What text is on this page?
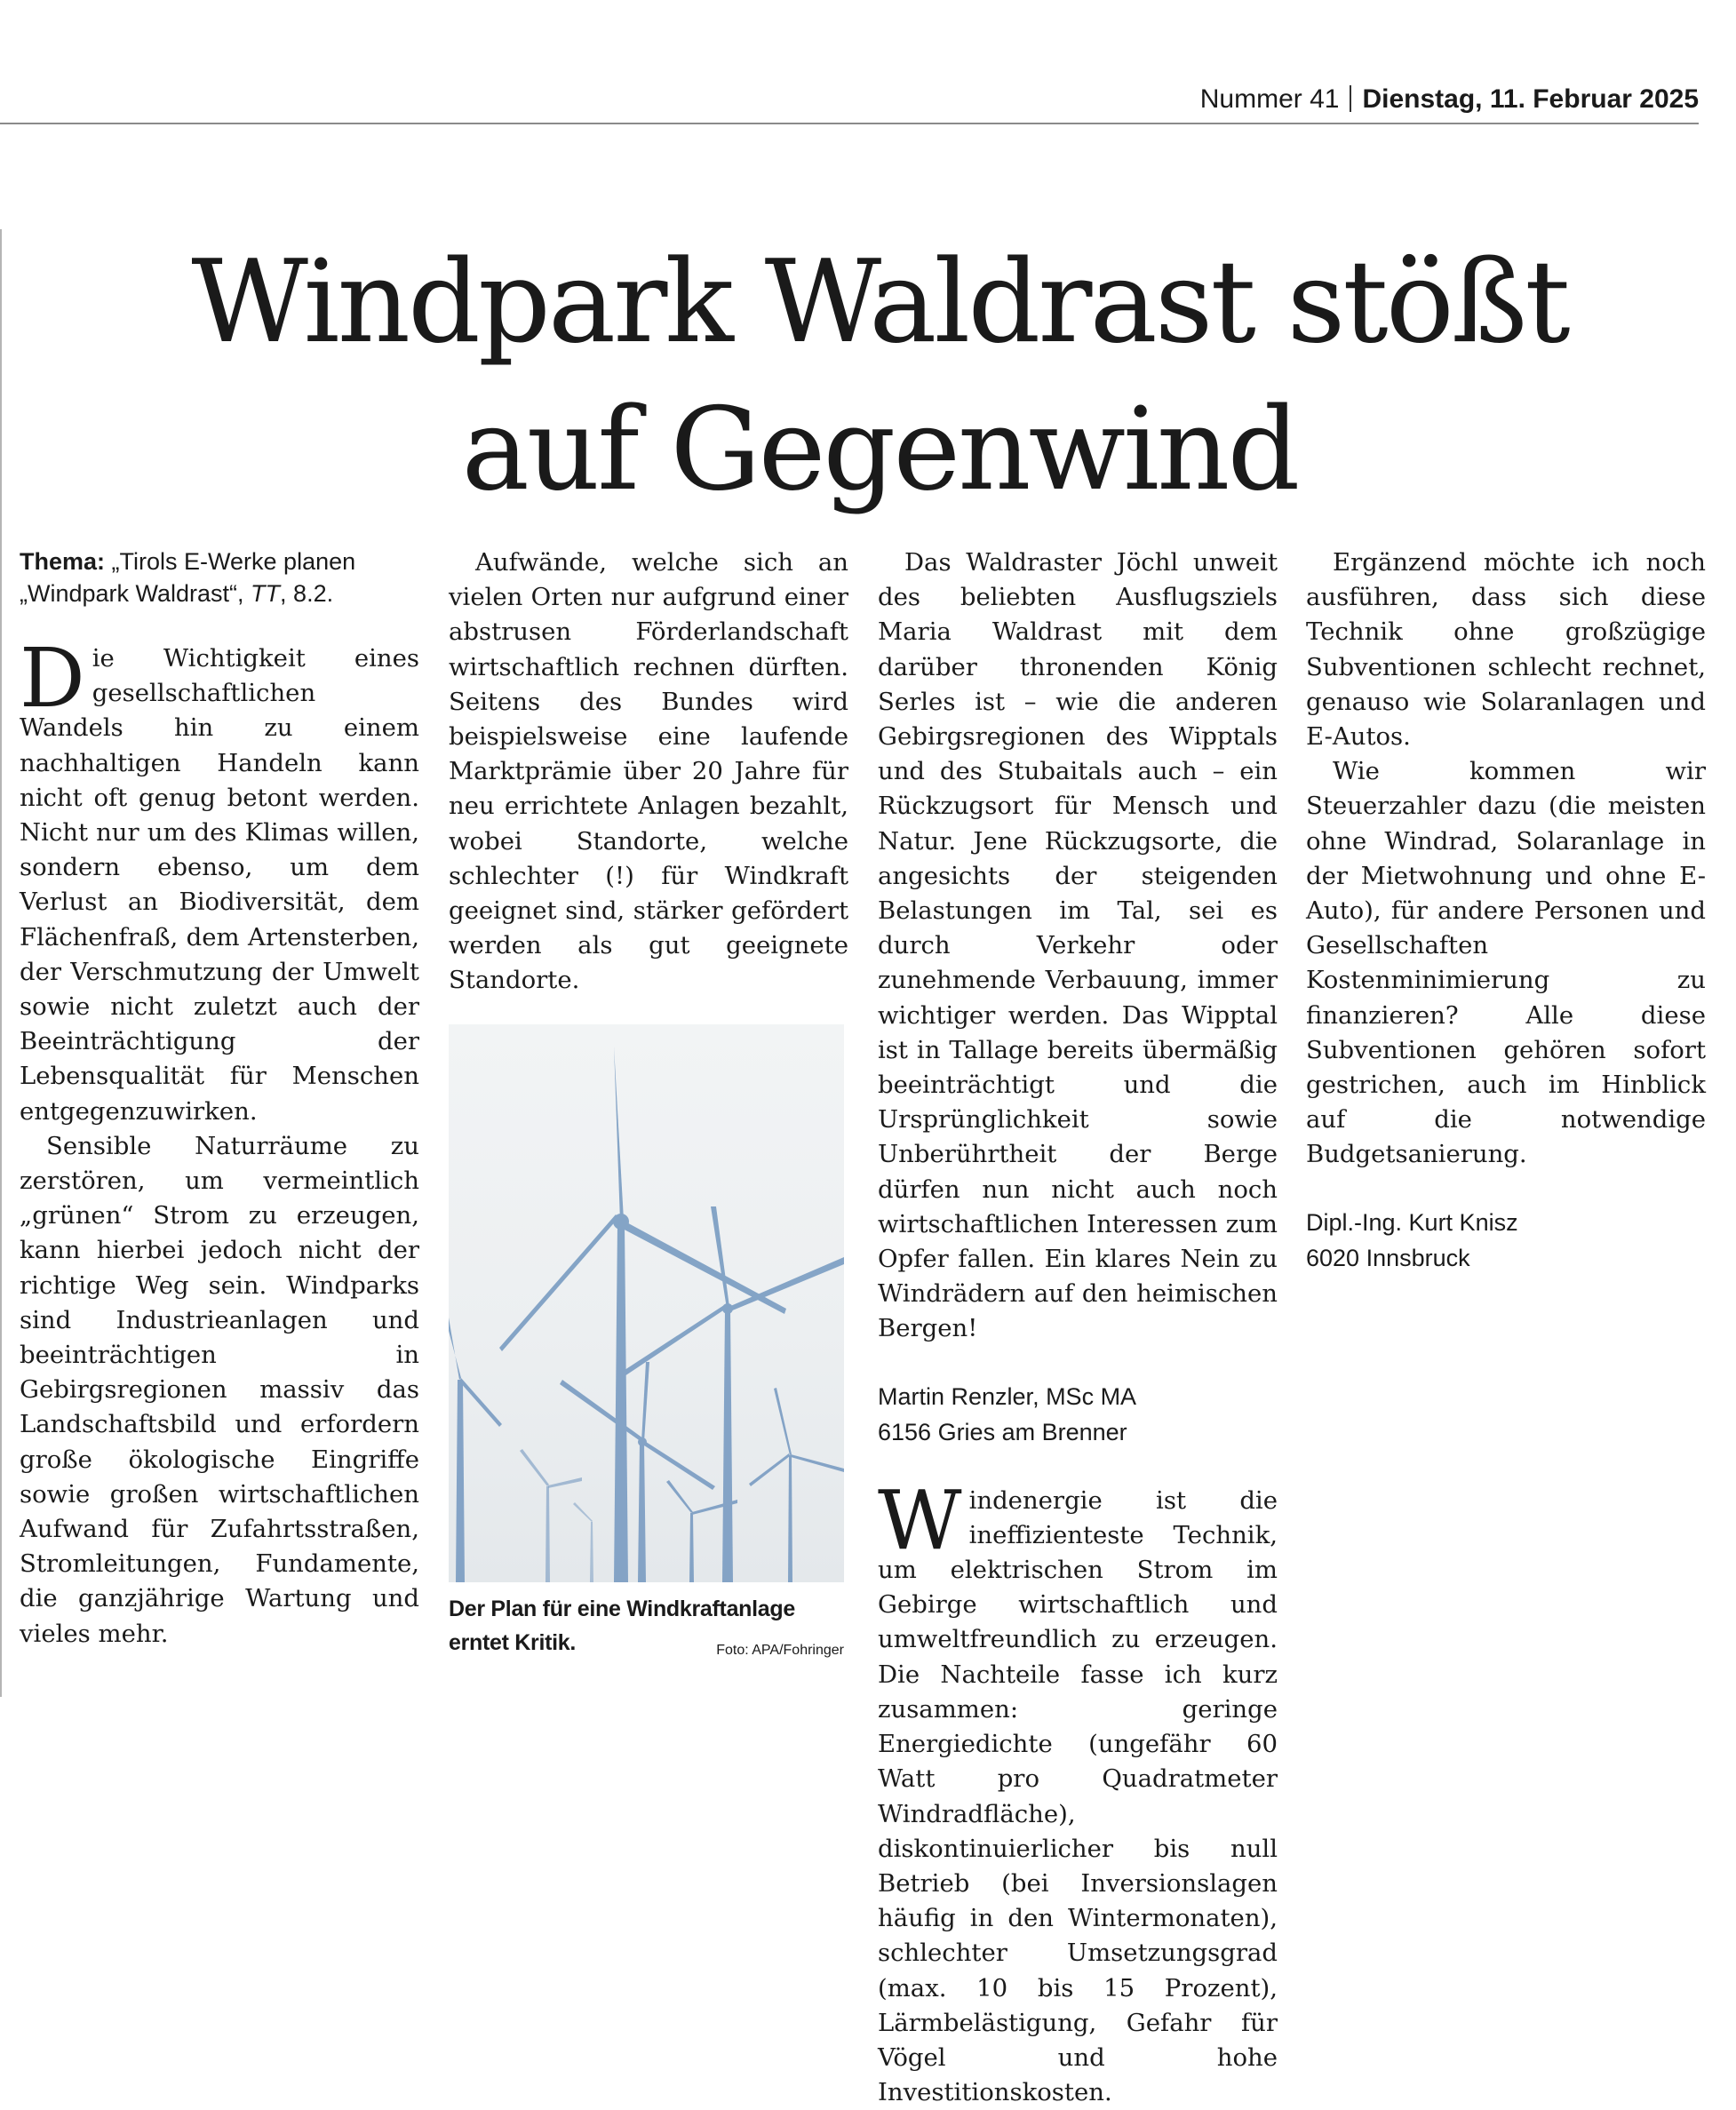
Nummer 41 Dienstag, 11. Februar 2025
Windpark Waldrast stößt
auf Gegenwind

Thema: „Tirols E-Werke planen „Windpark Waldrast“, TT, 8.2.

Die Wichtigkeit eines gesellschaftlichen Wandels hin zu einem nachhaltigen Handeln kann nicht oft genug betont werden. Nicht nur um des Klimas willen, sondern ebenso, um dem Verlust an Biodiversität, dem Flächenfraß, dem Artensterben, der Verschmutzung der Umwelt sowie nicht zuletzt auch der Beeinträchtigung der Lebensqualität für Menschen entgegenzuwirken.

Sensible Naturräume zu zerstören, um vermeintlich „grünen“ Strom zu erzeugen, kann hierbei jedoch nicht der richtige Weg sein. Windparks sind Industrieanlagen und beeinträchtigen in Gebirgsregionen massiv das Landschaftsbild und erfordern große ökologische Eingriffe sowie großen wirtschaftlichen Aufwand für Zufahrtsstraßen, Stromleitungen, Fundamente, die ganzjährige Wartung und vieles mehr.

Aufwände, welche sich an vielen Orten nur aufgrund einer abstrusen Förderlandschaft wirtschaftlich rechnen dürften. Seitens des Bundes wird beispielsweise eine laufende Marktprämie über 20 Jahre für neu errichtete Anlagen bezahlt, wobei Standorte, welche schlechter (!) für Windkraft geeignet sind, stärker gefördert werden als gut geeignete Standorte.

Der Plan für eine Windkraftanlage erntet Kritik.	Foto: APA/Fohringer

Das Waldraster Jöchl unweit des beliebten Ausflugsziels Maria Waldrast mit dem darüber thronenden König Serles ist – wie die anderen Gebirgsregionen des Wipptals und des Stubaitals auch – ein Rückzugsort für Mensch und Natur. Jene Rückzugsorte, die angesichts der steigenden Belastungen im Tal, sei es durch Verkehr oder zunehmende Verbauung, immer wichtiger werden. Das Wipptal ist in Tallage bereits übermäßig beeinträchtigt und die Ursprünglichkeit sowie Unberührtheit der Berge dürfen nun nicht auch noch wirtschaftlichen Interessen zum Opfer fallen. Ein klares Nein zu Windrädern auf den heimischen Bergen!

Martin Renzler, MSc MA
6156 Gries am Brenner

Windenergie ist die ineffizienteste Technik, um elektrischen Strom im Gebirge wirtschaftlich und umweltfreundlich zu erzeugen. Die Nachteile fasse ich kurz zusammen: geringe Energiedichte (ungefähr 60 Watt pro Quadratmeter Windradfläche), diskontinuierlicher bis null Betrieb (bei Inversionslagen häufig in den Wintermonaten), schlechter Umsetzungsgrad (max. 10 bis 15 Prozent), Lärmbelästigung, Gefahr für Vögel und hohe Investitionskosten.

Ergänzend möchte ich noch ausführen, dass sich diese Technik ohne großzügige Subventionen schlecht rechnet, genauso wie Solaranlagen und E-Autos.

Wie kommen wir Steuerzahler dazu (die meisten ohne Windrad, Solaranlage in der Mietwohnung und ohne E-Auto), für andere Personen und Gesellschaften Kostenminimierung zu finanzieren? Alle diese Subventionen gehören sofort gestrichen, auch im Hinblick auf die notwendige Budgetsanierung.

Dipl.-Ing. Kurt Knisz
6020 Innsbruck
